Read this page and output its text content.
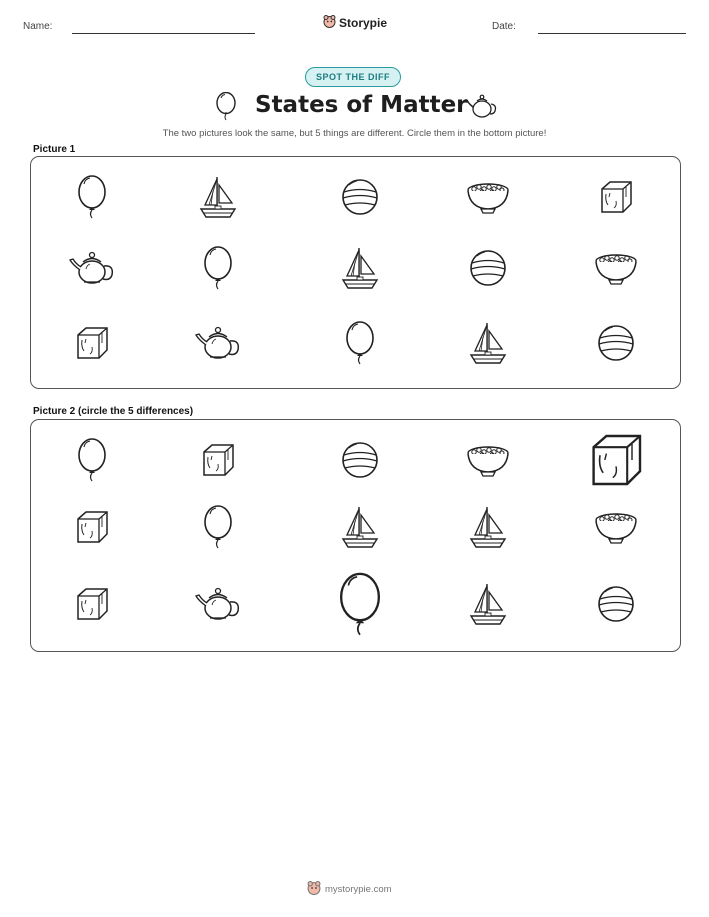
Name:	Storypie	Date:
SPOT THE DIFF
States of Matter
The two pictures look the same, but 5 things are different. Circle them in the bottom picture!
Picture 1
Picture 2 (circle the 5 differences)
mystorypie.com
